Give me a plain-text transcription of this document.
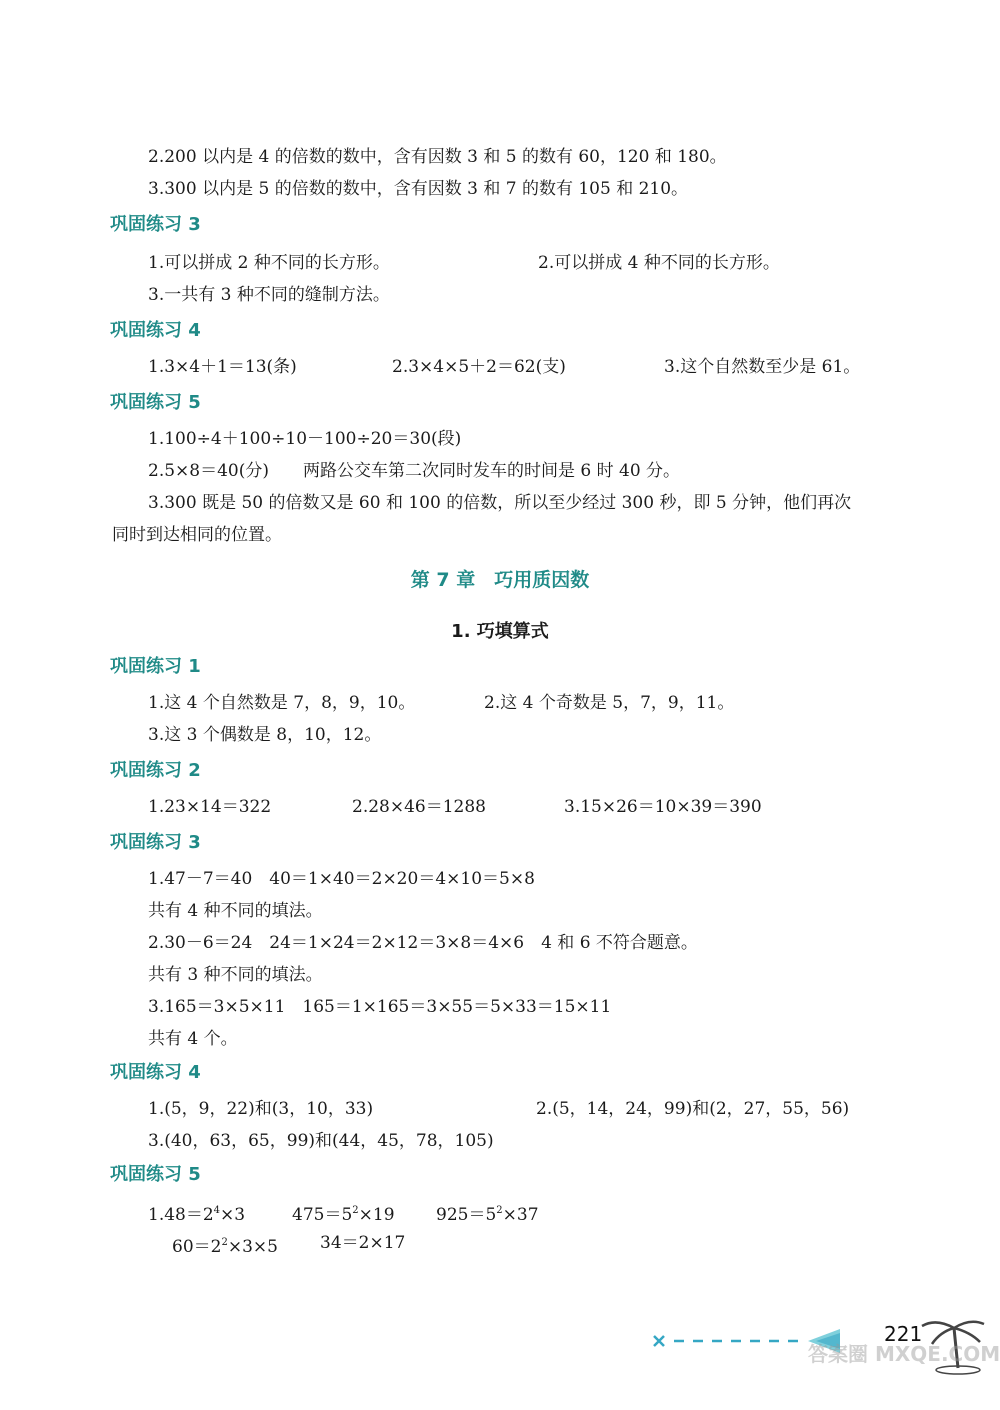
2.200 以内是 4 的倍数的数中，含有因数 3 和 5 的数有 60，120 和 180。
3.300 以内是 5 的倍数的数中，含有因数 3 和 7 的数有 105 和 210。
巩固练习 3
1.可以拼成 2 种不同的长方形。	2.可以拼成 4 种不同的长方形。
3.一共有 3 种不同的缝制方法。
巩固练习 4
1.3×4＋1＝13(条)	2.3×4×5＋2＝62(支)	3.这个自然数至少是 61。
巩固练习 5
1.100÷4＋100÷10－100÷20＝30(段)
2.5×8＝40(分)　　两路公交车第二次同时发车的时间是 6 时 40 分。
3.300 既是 50 的倍数又是 60 和 100 的倍数，所以至少经过 300 秒，即 5 分钟，他们再次
同时到达相同的位置。
第 7 章　巧用质因数
1. 巧填算式
巩固练习 1
1.这 4 个自然数是 7，8，9，10。	2.这 4 个奇数是 5，7，9，11。
3.这 3 个偶数是 8，10，12。
巩固练习 2
1.23×14＝322	2.28×46＝1288	3.15×26＝10×39＝390
巩固练习 3
1.47－7＝40　40＝1×40＝2×20＝4×10＝5×8
共有 4 种不同的填法。
2.30－6＝24　24＝1×24＝2×12＝3×8＝4×6　4 和 6 不符合题意。
共有 3 种不同的填法。
3.165＝3×5×11　165＝1×165＝3×55＝5×33＝15×11
共有 4 个。
巩固练习 4
1.(5，9，22)和(3，10，33)	2.(5，14，24，99)和(2，27，55，56)
3.(40，63，65，99)和(44，45，78，105)
巩固练习 5
$1.48=2^4\times 3$	$475=5^2\times 19$ $925=5^2\times 37$
$60=2^2\times 3\times 5$ 34＝2×17
221
答案圈 MXQE.COM
